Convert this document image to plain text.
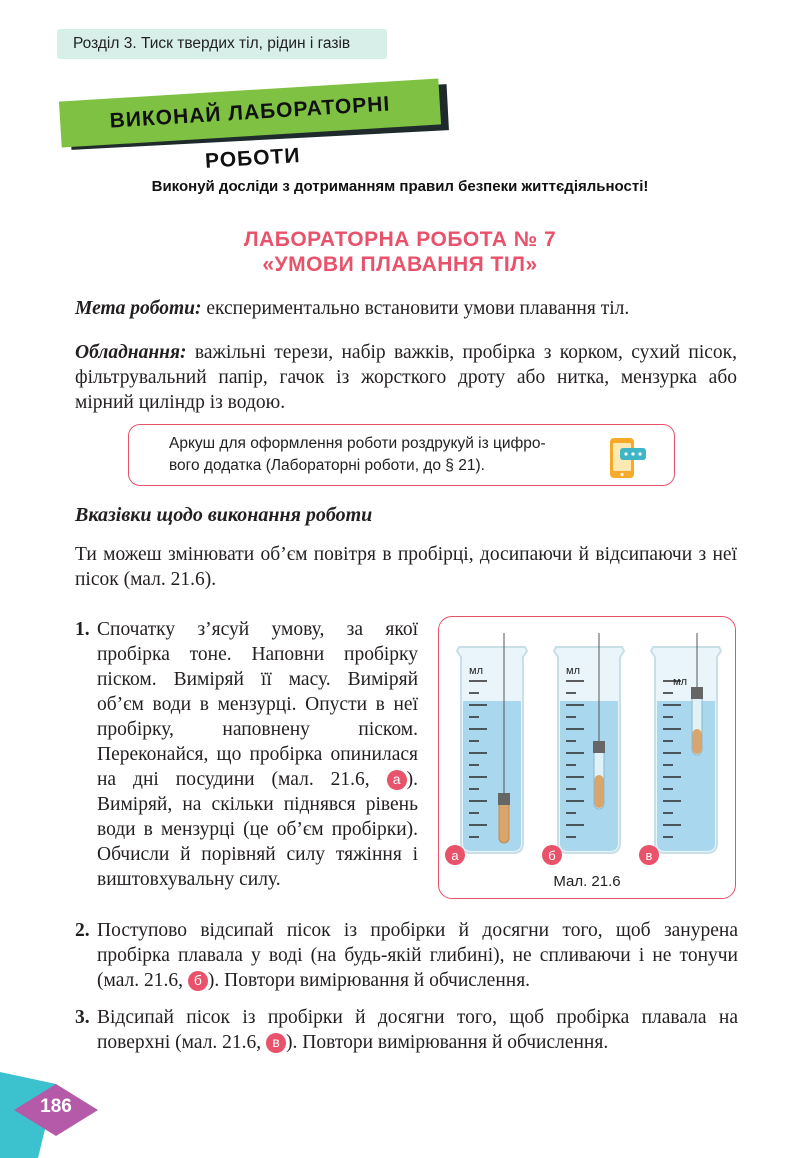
Розділ 3. Тиск твердих тіл, рідин і газів
ВИКОНАЙ ЛАБОРАТОРНІ РОБОТИ
Виконуй досліди з дотриманням правил безпеки життєдіяльності!
ЛАБОРАТОРНА РОБОТА № 7
«УМОВИ ПЛАВАННЯ ТІЛ»
Мета роботи: експериментально встановити умови плавання тіл.
Обладнання: важільні терези, набір важків, пробірка з корком, сухий пісок, фільтрувальний папір, гачок із жорсткого дроту або нитка, мензурка або мірний циліндр із водою.
Аркуш для оформлення роботи роздрукуй із цифро-
вого додатка (Лабораторні роботи, до § 21).
Вказівки щодо виконання роботи
Ти можеш змінювати об’єм повітря в пробірці, досипаючи й відсипаючи з неї пісок (мал. 21.6).
1. Спочатку з’ясуй умову, за якої пробірка тоне. Наповни пробірку піском. Виміряй її масу. Виміряй об’єм води в мензурці. Опусти в неї пробірку, наповнену піском. Переконайся, що пробірка опинилася на дні посудини (мал. 21.6, а ). Виміряй, на скільки піднявся рівень води в мензурці (це об’єм пробірки). Обчисли й порівняй силу тяжіння і виштовхувальну силу.
2. Поступово відсипай пісок із пробірки й досягни того, щоб занурена пробірка плавала у воді (на будь-якій глибині), не спливаючи і не тонучи (мал. 21.6, б ). Повтори вимірювання й обчислення.
3. Відсипай пісок із пробірки й досягни того, щоб пробірка плавала на поверхні (мал. 21.6, в ). Повтори вимірювання й обчислення.
мл	мл
мл
а	б	в
Мал. 21.6
186
